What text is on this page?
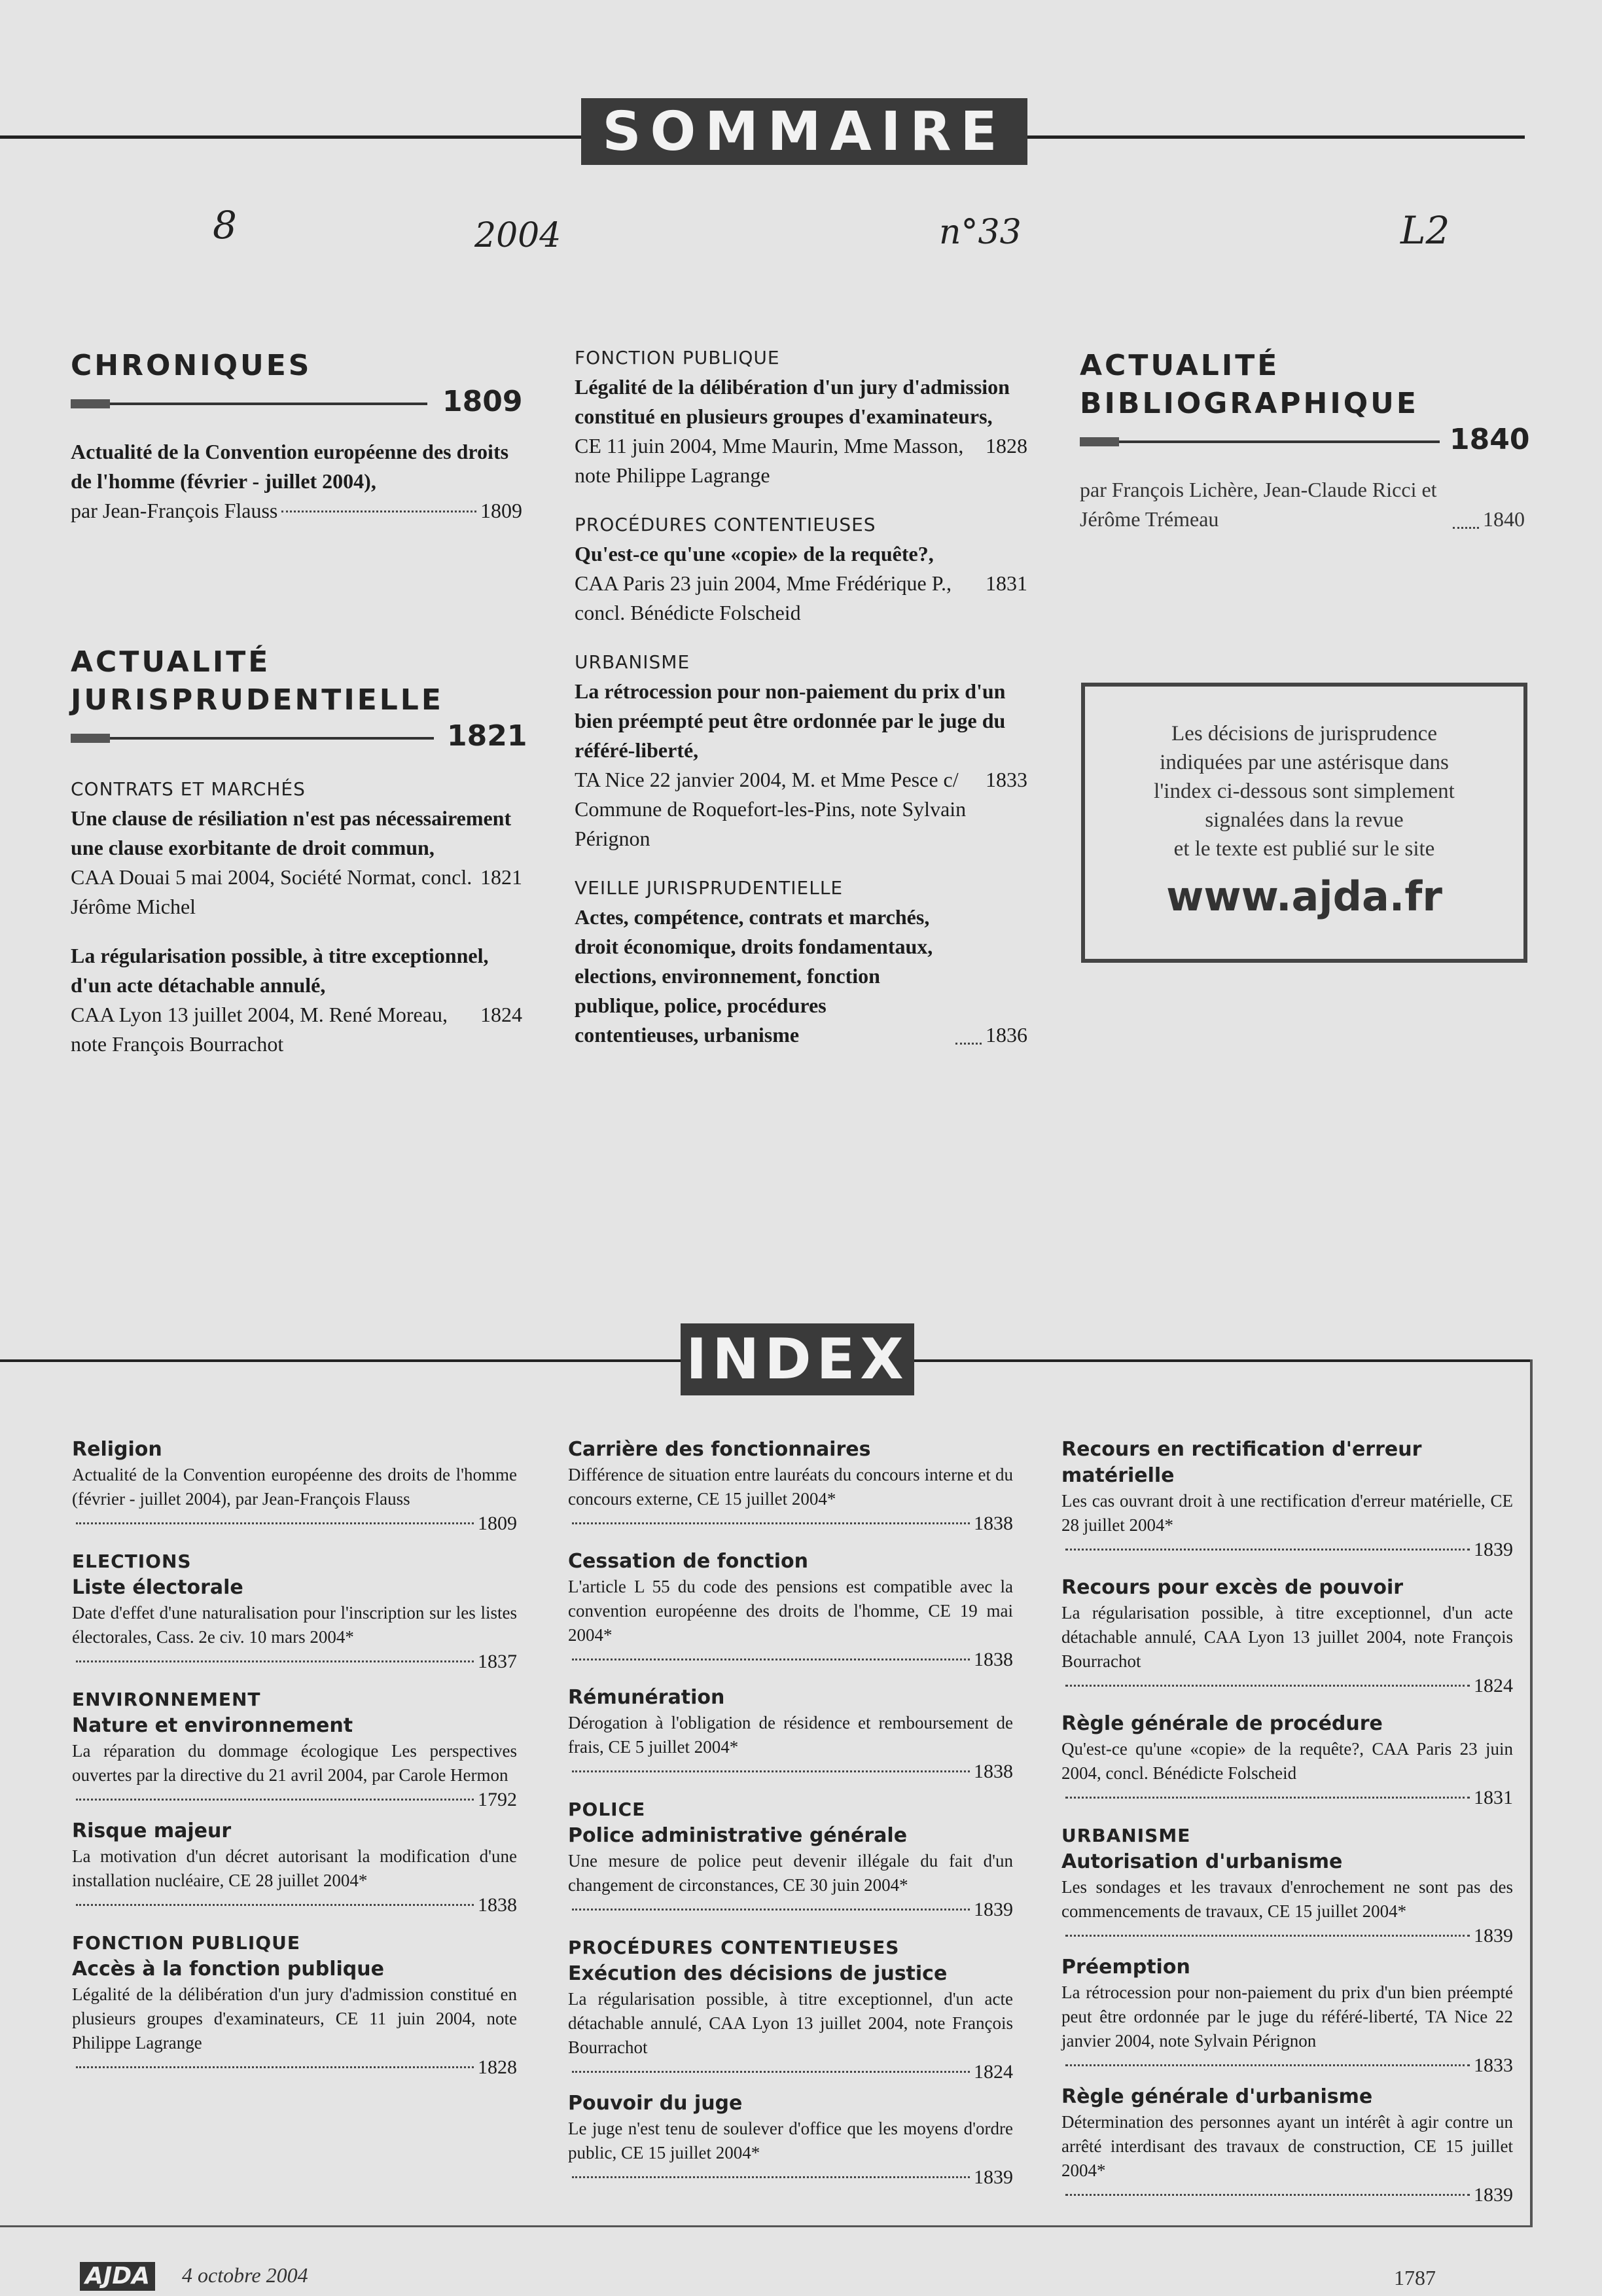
SOMMAIRE
8	2004	n°33	L2
CHRONIQUES
1809

Actualité de la Convention européenne des droits de l'homme (février - juillet 2004),
par Jean-François Flauss	1809

ACTUALITÉ
JURISPRUDENTIELLE
1821

CONTRATS ET MARCHÉS

Une clause de résiliation n'est pas nécessairement une clause exorbitante de droit commun,
CAA Douai 5 mai 2004, Société Normat, concl. Jérôme Michel
1821

La régularisation possible, à titre exceptionnel, d'un acte détachable annulé,
CAA Lyon 13 juillet 2004, M. René Moreau, note François Bourrachot
1824

FONCTION PUBLIQUE

Légalité de la délibération d'un jury d'admission constitué en plusieurs groupes d'examinateurs,
CE 11 juin 2004, Mme Maurin, Mme Masson, note Philippe Lagrange
1828

PROCÉDURES CONTENTIEUSES

Qu'est-ce qu'une «copie» de la requête?,
CAA Paris 23 juin 2004, Mme Frédérique P., concl. Bénédicte Folscheid
1831

URBANISME

La rétrocession pour non-paiement du prix d'un bien préempté peut être ordonnée par le juge du référé-liberté,
TA Nice 22 janvier 2004, M. et Mme Pesce c/ Commune de Roquefort-les-Pins, note Sylvain Pérignon
1833

VEILLE JURISPRUDENTIELLE

Actes, compétence, contrats et marchés, droit économique, droits fondamentaux, elections, environnement, fonction publique, police, procédures contentieuses, urbanisme	1836

ACTUALITÉ
BIBLIOGRAPHIQUE
1840

par François Lichère, Jean-Claude Ricci et Jérôme Trémeau	1840

Les décisions de jurisprudence
indiquées par une astérisque dans
l'index ci-dessous sont simplement
signalées dans la revue
et le texte est publié sur le site
www.ajda.fr
INDEX

Religion

Actualité de la Convention européenne des droits de l'homme (février - juillet 2004), par Jean-François Flauss

1809

ELECTIONS

Liste électorale

Date d'effet d'une naturalisation pour l'inscription sur les listes électorales, Cass. 2e civ. 10 mars 2004*

1837

ENVIRONNEMENT

Nature et environnement

La réparation du dommage écologique Les perspectives ouvertes par la directive du 21 avril 2004, par Carole Hermon

1792

Risque majeur

La motivation d'un décret autorisant la modification d'une installation nucléaire, CE 28 juillet 2004*

1838

FONCTION PUBLIQUE

Accès à la fonction publique

Légalité de la délibération d'un jury d'admission constitué en plusieurs groupes d'examinateurs, CE 11 juin 2004, note Philippe Lagrange

1828

Carrière des fonctionnaires

Différence de situation entre lauréats du concours interne et du concours externe, CE 15 juillet 2004*

1838

Cessation de fonction

L'article L 55 du code des pensions est compatible avec la convention européenne des droits de l'homme, CE 19 mai 2004*

1838

Rémunération

Dérogation à l'obligation de résidence et remboursement de frais, CE 5 juillet 2004*

1838

POLICE

Police administrative générale

Une mesure de police peut devenir illégale du fait d'un changement de circonstances, CE 30 juin 2004*

1839

PROCÉDURES CONTENTIEUSES

Exécution des décisions de justice

La régularisation possible, à titre exceptionnel, d'un acte détachable annulé, CAA Lyon 13 juillet 2004, note François Bourrachot

1824

Pouvoir du juge

Le juge n'est tenu de soulever d'office que les moyens d'ordre public, CE 15 juillet 2004*

1839

Recours en rectification d'erreur matérielle

Les cas ouvrant droit à une rectification d'erreur matérielle, CE 28 juillet 2004*

1839

Recours pour excès de pouvoir

La régularisation possible, à titre exceptionnel, d'un acte détachable annulé, CAA Lyon 13 juillet 2004, note François Bourrachot

1824

Règle générale de procédure

Qu'est-ce qu'une «copie» de la requête?, CAA Paris 23 juin 2004, concl. Bénédicte Folscheid

1831

URBANISME

Autorisation d'urbanisme

Les sondages et les travaux d'enrochement ne sont pas des commencements de travaux, CE 15 juillet 2004*

1839

Préemption

La rétrocession pour non-paiement du prix d'un bien préempté peut être ordonnée par le juge du référé-liberté, TA Nice 22 janvier 2004, note Sylvain Pérignon

1833

Règle générale d'urbanisme

Détermination des personnes ayant un intérêt à agir contre un arrêté interdisant des travaux de construction, CE 15 juillet 2004*

1839

AJDA 4 octobre 2004	1787
